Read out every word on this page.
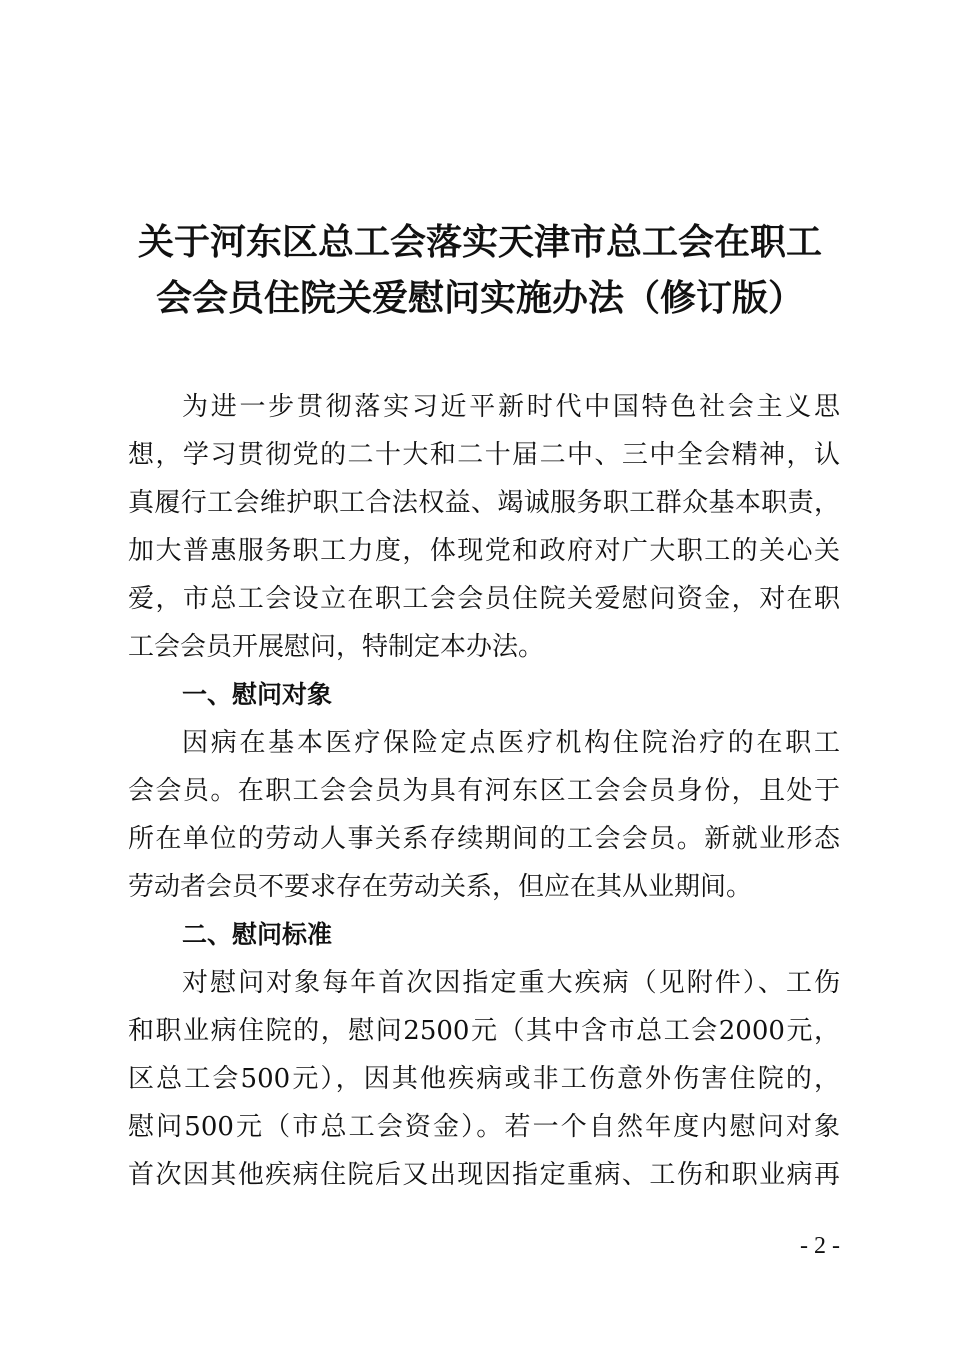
关于河东区总工会落实天津市总工会在职工
会会员住院关爱慰问实施办法（修订版）
为进一步贯彻落实习近平新时代中国特色社会主义思
想，学习贯彻党的二十大和二十届二中、三中全会精神，认
真履行工会维护职工合法权益、竭诚服务职工群众基本职责，
加大普惠服务职工力度，体现党和政府对广大职工的关心关
爱，市总工会设立在职工会会员住院关爱慰问资金，对在职
工会会员开展慰问，特制定本办法。
一、慰问对象
因病在基本医疗保险定点医疗机构住院治疗的在职工
会会员。在职工会会员为具有河东区工会会员身份，且处于
所在单位的劳动人事关系存续期间的工会会员。新就业形态
劳动者会员不要求存在劳动关系，但应在其从业期间。
二、慰问标准
对慰问对象每年首次因指定重大疾病（见附件）、工伤
和职业病住院的，慰问2500元（其中含市总工会2000元，
区总工会500元），因其他疾病或非工伤意外伤害住院的，
慰问500元（市总工会资金）。若一个自然年度内慰问对象
首次因其他疾病住院后又出现因指定重病、工伤和职业病再
- 2 -
